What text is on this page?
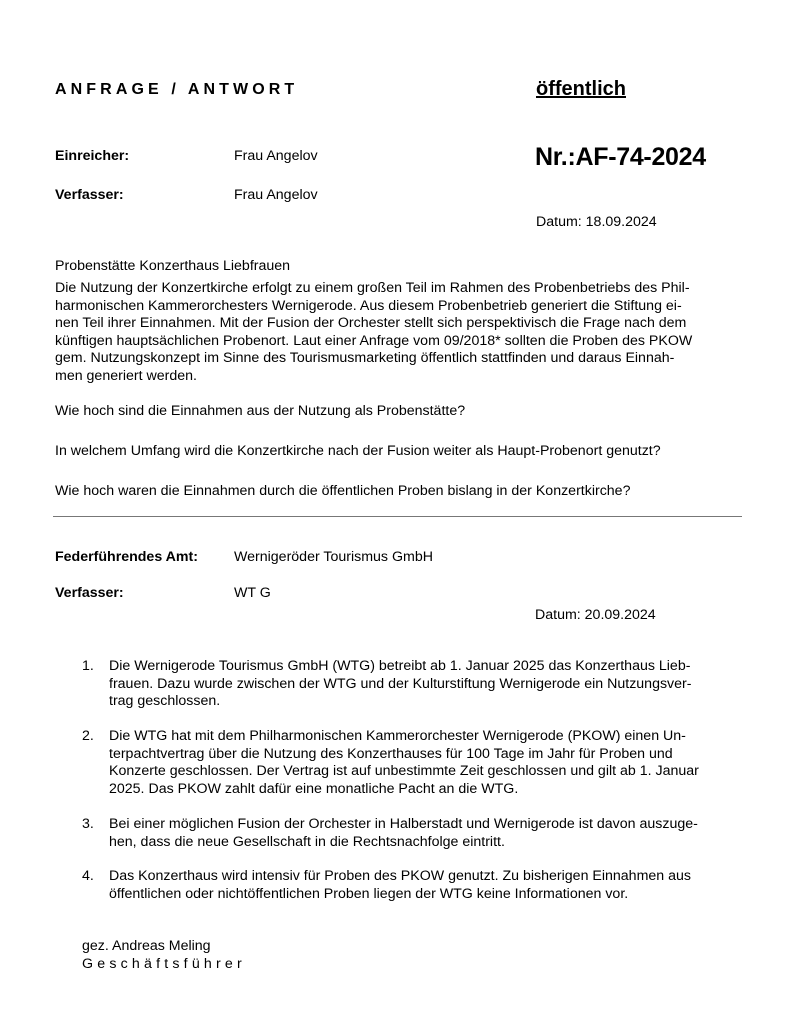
ANFRAGE / ANTWORT	öffentlich
Einreicher:	Frau Angelov	Nr.:AF-74-2024
Verfasser:	Frau Angelov
Datum: 18.09.2024
Probenstätte Konzerthaus Liebfrauen
Die Nutzung der Konzertkirche erfolgt zu einem großen Teil im Rahmen des Probenbetriebs des Phil-
harmonischen Kammerorchesters Wernigerode. Aus diesem Probenbetrieb generiert die Stiftung ei-
nen Teil ihrer Einnahmen. Mit der Fusion der Orchester stellt sich perspektivisch die Frage nach dem
künftigen hauptsächlichen Probenort. Laut einer Anfrage vom 09/2018* sollten die Proben des PKOW
gem. Nutzungskonzept im Sinne des Tourismusmarketing öffentlich stattfinden und daraus Einnah-
men generiert werden.
Wie hoch sind die Einnahmen aus der Nutzung als Probenstätte?
In welchem Umfang wird die Konzertkirche nach der Fusion weiter als Haupt-Probenort genutzt?
Wie hoch waren die Einnahmen durch die öffentlichen Proben bislang in der Konzertkirche?
Federführendes Amt:	Wernigeröder Tourismus GmbH
Verfasser:	WT G
Datum: 20.09.2024
1. Die Wernigerode Tourismus GmbH (WTG) betreibt ab 1. Januar 2025 das Konzerthaus Lieb-
frauen. Dazu wurde zwischen der WTG und der Kulturstiftung Wernigerode ein Nutzungsver-
trag geschlossen.
2. Die WTG hat mit dem Philharmonischen Kammerorchester Wernigerode (PKOW) einen Un-
terpachtvertrag über die Nutzung des Konzerthauses für 100 Tage im Jahr für Proben und
Konzerte geschlossen. Der Vertrag ist auf unbestimmte Zeit geschlossen und gilt ab 1. Januar
2025. Das PKOW zahlt dafür eine monatliche Pacht an die WTG.
3. Bei einer möglichen Fusion der Orchester in Halberstadt und Wernigerode ist davon auszuge-
hen, dass die neue Gesellschaft in die Rechtsnachfolge eintritt.
4. Das Konzerthaus wird intensiv für Proben des PKOW genutzt. Zu bisherigen Einnahmen aus
öffentlichen oder nichtöffentlichen Proben liegen der WTG keine Informationen vor.
gez. Andreas Meling
Geschäftsführer
